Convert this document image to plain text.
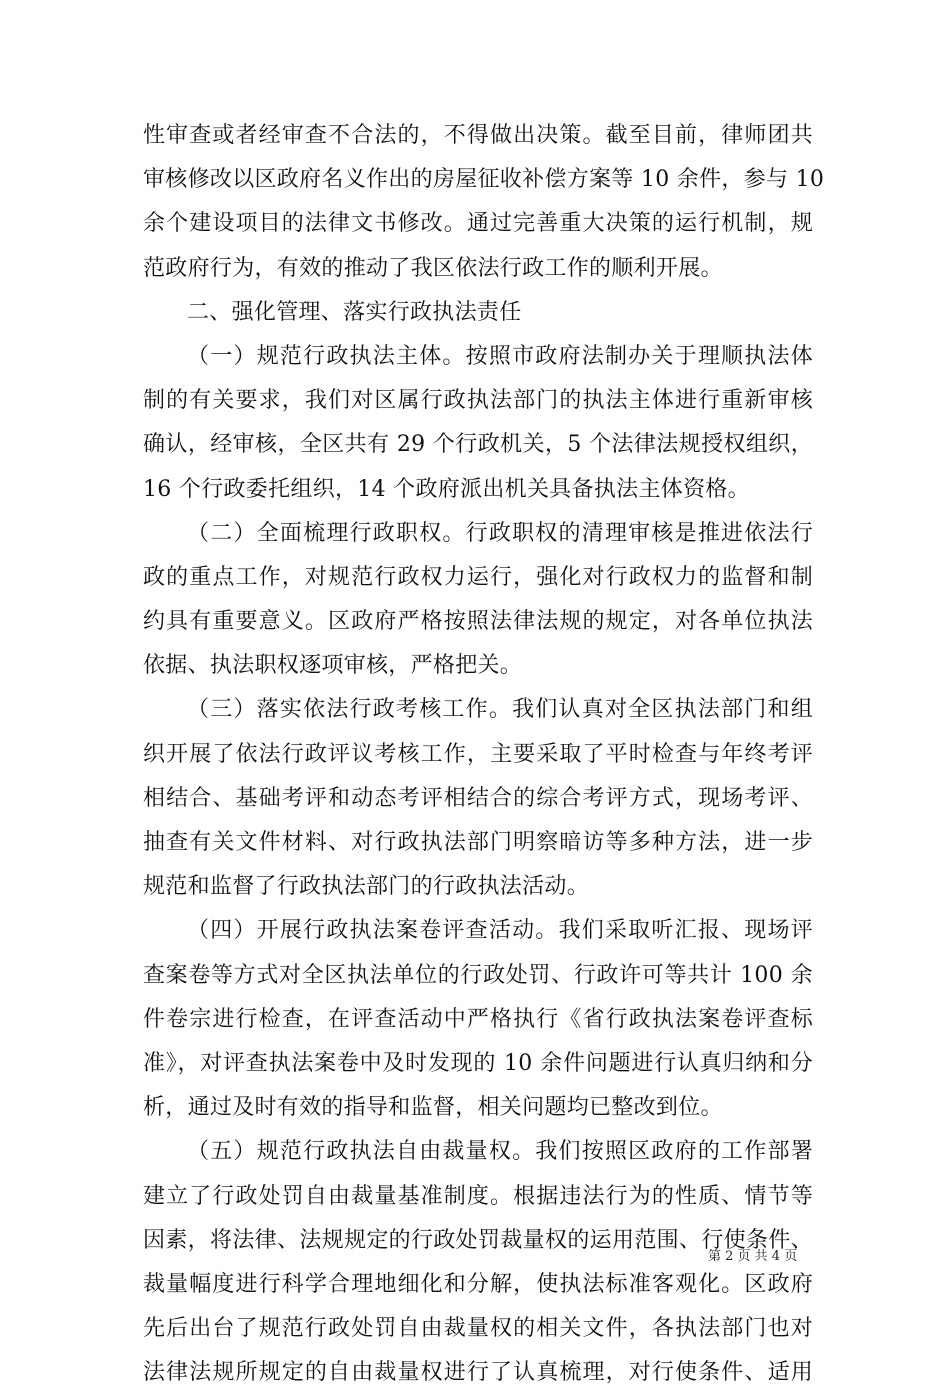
性审查或者经审查不合法的，不得做出决策。截至目前，律师团共
审核修改以区政府名义作出的房屋征收补偿方案等 10 余件，参与 10
余个建设项目的法律文书修改。通过完善重大决策的运行机制，规
范政府行为，有效的推动了我区依法行政工作的顺利开展。
二、强化管理、落实行政执法责任
（一）规范行政执法主体。按照市政府法制办关于理顺执法体
制的有关要求，我们对区属行政执法部门的执法主体进行重新审核
确认，经审核，全区共有 29 个行政机关，5 个法律法规授权组织，
16 个行政委托组织，14 个政府派出机关具备执法主体资格。
（二）全面梳理行政职权。行政职权的清理审核是推进依法行
政的重点工作，对规范行政权力运行，强化对行政权力的监督和制
约具有重要意义。区政府严格按照法律法规的规定，对各单位执法
依据、执法职权逐项审核，严格把关。
（三）落实依法行政考核工作。我们认真对全区执法部门和组
织开展了依法行政评议考核工作，主要采取了平时检查与年终考评
相结合、基础考评和动态考评相结合的综合考评方式，现场考评、
抽查有关文件材料、对行政执法部门明察暗访等多种方法，进一步
规范和监督了行政执法部门的行政执法活动。
（四）开展行政执法案卷评查活动。我们采取听汇报、现场评
查案卷等方式对全区执法单位的行政处罚、行政许可等共计 100 余
件卷宗进行检查，在评查活动中严格执行《省行政执法案卷评查标
准》，对评查执法案卷中及时发现的 10 余件问题进行认真归纳和分
析，通过及时有效的指导和监督，相关问题均已整改到位。
（五）规范行政执法自由裁量权。我们按照区政府的工作部署
建立了行政处罚自由裁量基准制度。根据违法行为的性质、情节等
因素，将法律、法规规定的行政处罚裁量权的运用范围、行使条件、
裁量幅度进行科学合理地细化和分解，使执法标准客观化。区政府
先后出台了规范行政处罚自由裁量权的相关文件，各执法部门也对
法律法规所规定的自由裁量权进行了认真梳理，对行使条件、适用
第 2 页 共 4 页
